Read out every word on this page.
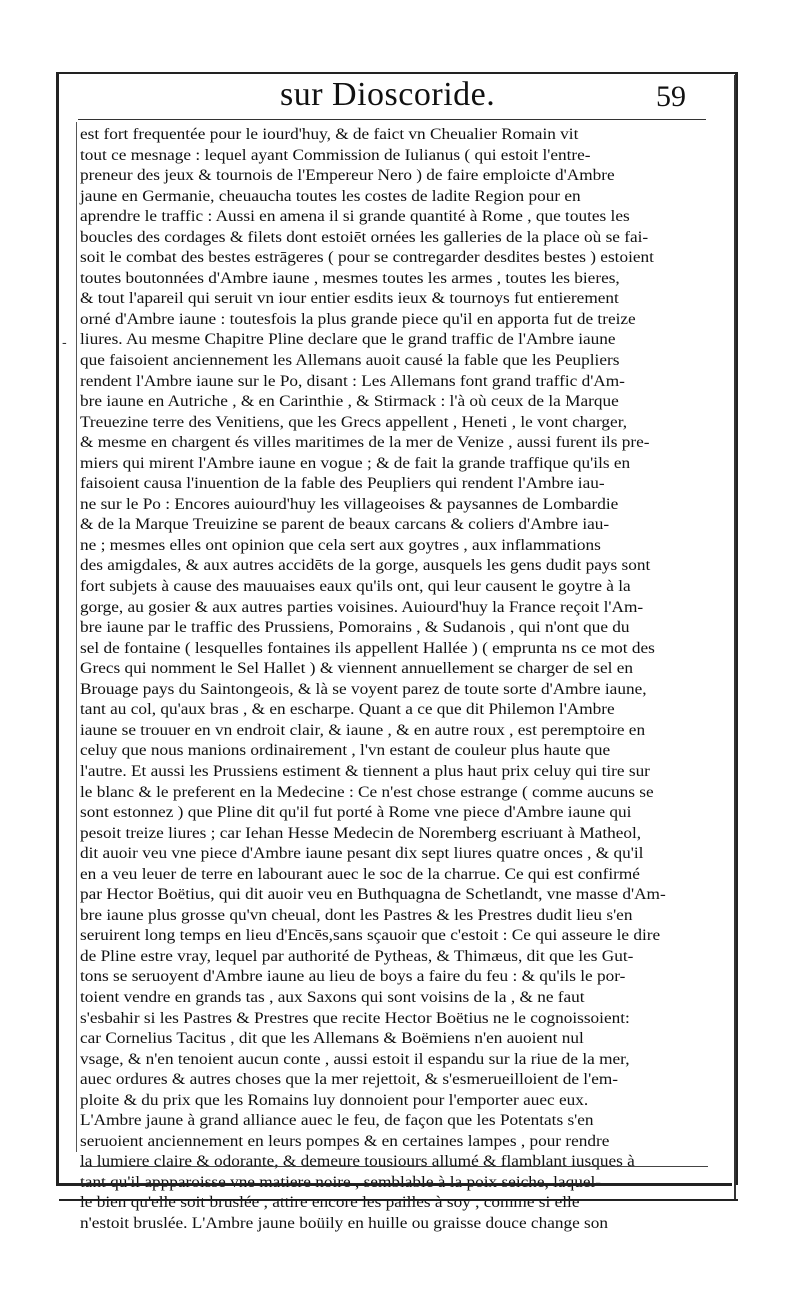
sur Dioscoride.	59
-
est fort frequentée pour le iourd'huy, & de faict vn Cheualier Romain vit
tout ce mesnage : lequel ayant Commission de Iulianus ( qui estoit l'entre-
preneur des jeux & tournois de l'Empereur Nero ) de faire emploicte d'Ambre
jaune en Germanie, cheuaucha toutes les costes de ladite Region pour en
aprendre le traffic : Aussi en amena il si grande quantité à Rome , que toutes les
boucles des cordages & filets dont estoiēt ornées les galleries de la place où se fai-
soit le combat des bestes estrāgeres ( pour se contregarder desdites bestes ) estoient
toutes boutonnées d'Ambre iaune , mesmes toutes les armes , toutes les bieres,
& tout l'apareil qui seruit vn iour entier esdits ieux & tournoys fut entierement
orné d'Ambre iaune : toutesfois la plus grande piece qu'il en apporta fut de treize
liures. Au mesme Chapitre Pline declare que le grand traffic de l'Ambre iaune
que faisoient anciennement les Allemans auoit causé la fable que les Peupliers
rendent l'Ambre iaune sur le Po, disant : Les Allemans font grand traffic d'Am-
bre iaune en Autriche , & en Carinthie , & Stirmack : l'à où ceux de la Marque
Treuezine terre des Venitiens, que les Grecs appellent , Heneti , le vont charger,
& mesme en chargent és villes maritimes de la mer de Venize , aussi furent ils pre-
miers qui mirent l'Ambre iaune en vogue ; & de fait la grande traffique qu'ils en
faisoient causa l'inuention de la fable des Peupliers qui rendent l'Ambre iau-
ne sur le Po : Encores auiourd'huy les villageoises & paysannes de Lombardie
& de la Marque Treuizine se parent de beaux carcans & coliers d'Ambre iau-
ne ; mesmes elles ont opinion que cela sert aux goytres , aux inflammations
des amigdales, & aux autres accidēts de la gorge, ausquels les gens dudit pays sont
fort subjets à cause des mauuaises eaux qu'ils ont, qui leur causent le goytre à la
gorge, au gosier & aux autres parties voisines. Auiourd'huy la France reçoit l'Am-
bre iaune par le traffic des Prussiens, Pomorains , & Sudanois , qui n'ont que du
sel de fontaine ( lesquelles fontaines ils appellent Hallée ) ( emprunta ns ce mot des
Grecs qui nomment le Sel Hallet ) & viennent annuellement se charger de sel en
Brouage pays du Saintongeois, & là se voyent parez de toute sorte d'Ambre iaune,
tant au col, qu'aux bras , & en escharpe. Quant a ce que dit Philemon l'Ambre
iaune se trouuer en vn endroit clair, & iaune , & en autre roux , est peremptoire en
celuy que nous manions ordinairement , l'vn estant de couleur plus haute que
l'autre. Et aussi les Prussiens estiment & tiennent a plus haut prix celuy qui tire sur
le blanc & le preferent en la Medecine : Ce n'est chose estrange ( comme aucuns se
sont estonnez ) que Pline dit qu'il fut porté à Rome vne piece d'Ambre iaune qui
pesoit treize liures ; car Iehan Hesse Medecin de Noremberg escriuant à Matheol,
dit auoir veu vne piece d'Ambre iaune pesant dix sept liures quatre onces , & qu'il
en a veu leuer de terre en labourant auec le soc de la charrue. Ce qui est confirmé
par Hector Boëtius, qui dit auoir veu en Buthquagna de Schetlandt, vne masse d'Am-
bre iaune plus grosse qu'vn cheual, dont les Pastres & les Prestres dudit lieu s'en
seruirent long temps en lieu d'Encēs,sans sçauoir que c'estoit : Ce qui asseure le dire
de Pline estre vray, lequel par authorité de Pytheas, & Thimæus, dit que les Gut-
tons se seruoyent d'Ambre iaune au lieu de boys a faire du feu : & qu'ils le por-
toient vendre en grands tas , aux Saxons qui sont voisins de la , & ne faut
s'esbahir si les Pastres & Prestres que recite Hector Boëtius ne le cognoissoient:
car Cornelius Tacitus , dit que les Allemans & Boëmiens n'en auoient nul
vsage, & n'en tenoient aucun conte , aussi estoit il espandu sur la riue de la mer,
auec ordures & autres choses que la mer rejettoit, & s'esmerueilloient de l'em-
ploite & du prix que les Romains luy donnoient pour l'emporter auec eux.
L'Ambre jaune à grand alliance auec le feu, de façon que les Potentats s'en
seruoient anciennement en leurs pompes & en certaines lampes , pour rendre
la lumiere claire & odorante, & demeure tousiours allumé & flamblant iusques à
tant qu'il appparoisse vne matiere noire , semblable à la poix seiche, laquel-
le bien qu'elle soit bruslée , attire encore les pailles à soy , comme si elle
n'estoit bruslée. L'Ambre jaune boüily en huille ou graisse douce change son
